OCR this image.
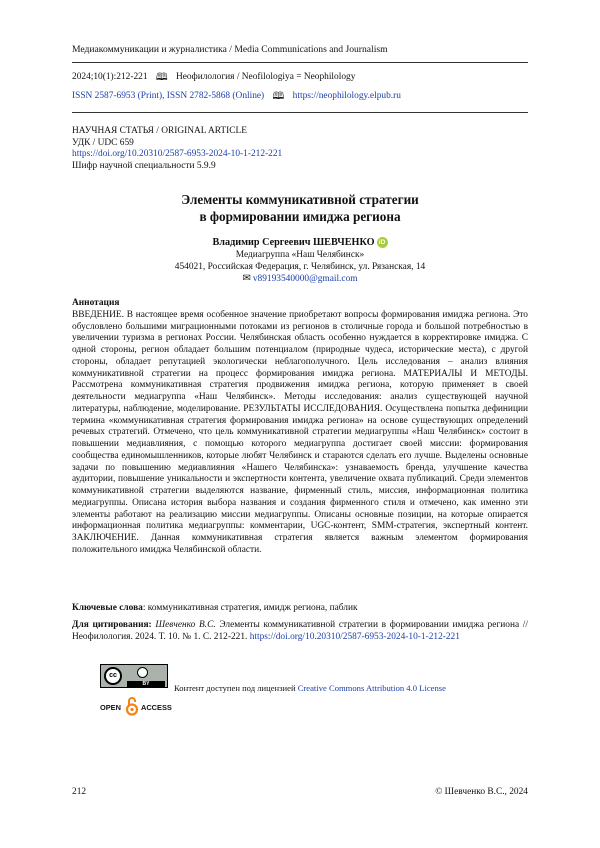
Медиакоммуникации и журналистика / Media Communications and Journalism
2024;10(1):212-221 🕮 Неофилология / Neofilologiya = Neophilology
ISSN 2587-6953 (Print), ISSN 2782-5868 (Online) 🕮 https://neophilology.elpub.ru
НАУЧНАЯ СТАТЬЯ / ORIGINAL ARTICLE
УДК / UDC 659
https://doi.org/10.20310/2587-6953-2024-10-1-212-221
Шифр научной специальности 5.9.9
Элементы коммуникативной стратегии
в формировании имиджа региона
Владимир Сергеевич ШЕВЧЕНКО iD
Медиагруппа «Наш Челябинск»
454021, Российская Федерация, г. Челябинск, ул. Рязанская, 14
✉ v89193540000@gmail.com
Аннотация
ВВЕДЕНИЕ. В настоящее время особенное значение приобретают вопросы формирования имиджа региона. Это обусловлено большими миграционными потоками из регионов в столичные города и большой потребностью в увеличении туризма в регионах России. Челябинская область особенно нуждается в корректировке имиджа. С одной стороны, регион обладает большим потенциалом (природные чудеса, исторические места), с другой стороны, обладает репутацией экологически неблагополучного. Цель исследования – анализ влияния коммуникативной стратегии на процесс формирования имиджа региона. МАТЕРИАЛЫ И МЕТОДЫ. Рассмотрена коммуникативная стратегия продвижения имиджа региона, которую применяет в своей деятельности медиагруппа «Наш Челябинск». Методы исследования: анализ существующей научной литературы, наблюдение, моделирование. РЕЗУЛЬТАТЫ ИССЛЕДОВАНИЯ. Осуществлена попытка дефиниции термина «коммуникативная стратегия формирования имиджа региона» на основе существующих определений речевых стратегий. Отмечено, что цель коммуникативной стратегии медиагруппы «Наш Челябинск» состоит в повышении медиавлияния, с помощью которого медиагруппа достигает своей миссии: формирования сообщества единомышленников, которые любят Челябинск и стараются сделать его лучше. Выделены основные задачи по повышению медиавлияния «Нашего Челябинска»: узнаваемость бренда, улучшение качества аудитории, повышение уникальности и экспертности контента, увеличение охвата публикаций. Среди элементов коммуникативной стратегии выделяются название, фирменный стиль, миссия, информационная политика медиагруппы. Описана история выбора названия и создания фирменного стиля и отмечено, как именно эти элементы работают на реализацию миссии медиагруппы. Описаны основные позиции, на которые опирается информационная политика медиагруппы: комментарии, UGC-контент, SMM-стратегия, экспертный контент. ЗАКЛЮЧЕНИЕ. Данная коммуникативная стратегия является важным элементом формирования положительного имиджа Челябинской области.
Ключевые слова: коммуникативная стратегия, имидж региона, паблик
Для цитирования: Шевченко В.С. Элементы коммуникативной стратегии в формировании имиджа региона // Неофилология. 2024. Т. 10. № 1. С. 212-221. https://doi.org/10.20310/2587-6953-2024-10-1-212-221
cc
BY	Контент доступен под лицензией Creative Commons Attribution 4.0 License
OPEN	ACCESS
212	© Шевченко В.С., 2024
